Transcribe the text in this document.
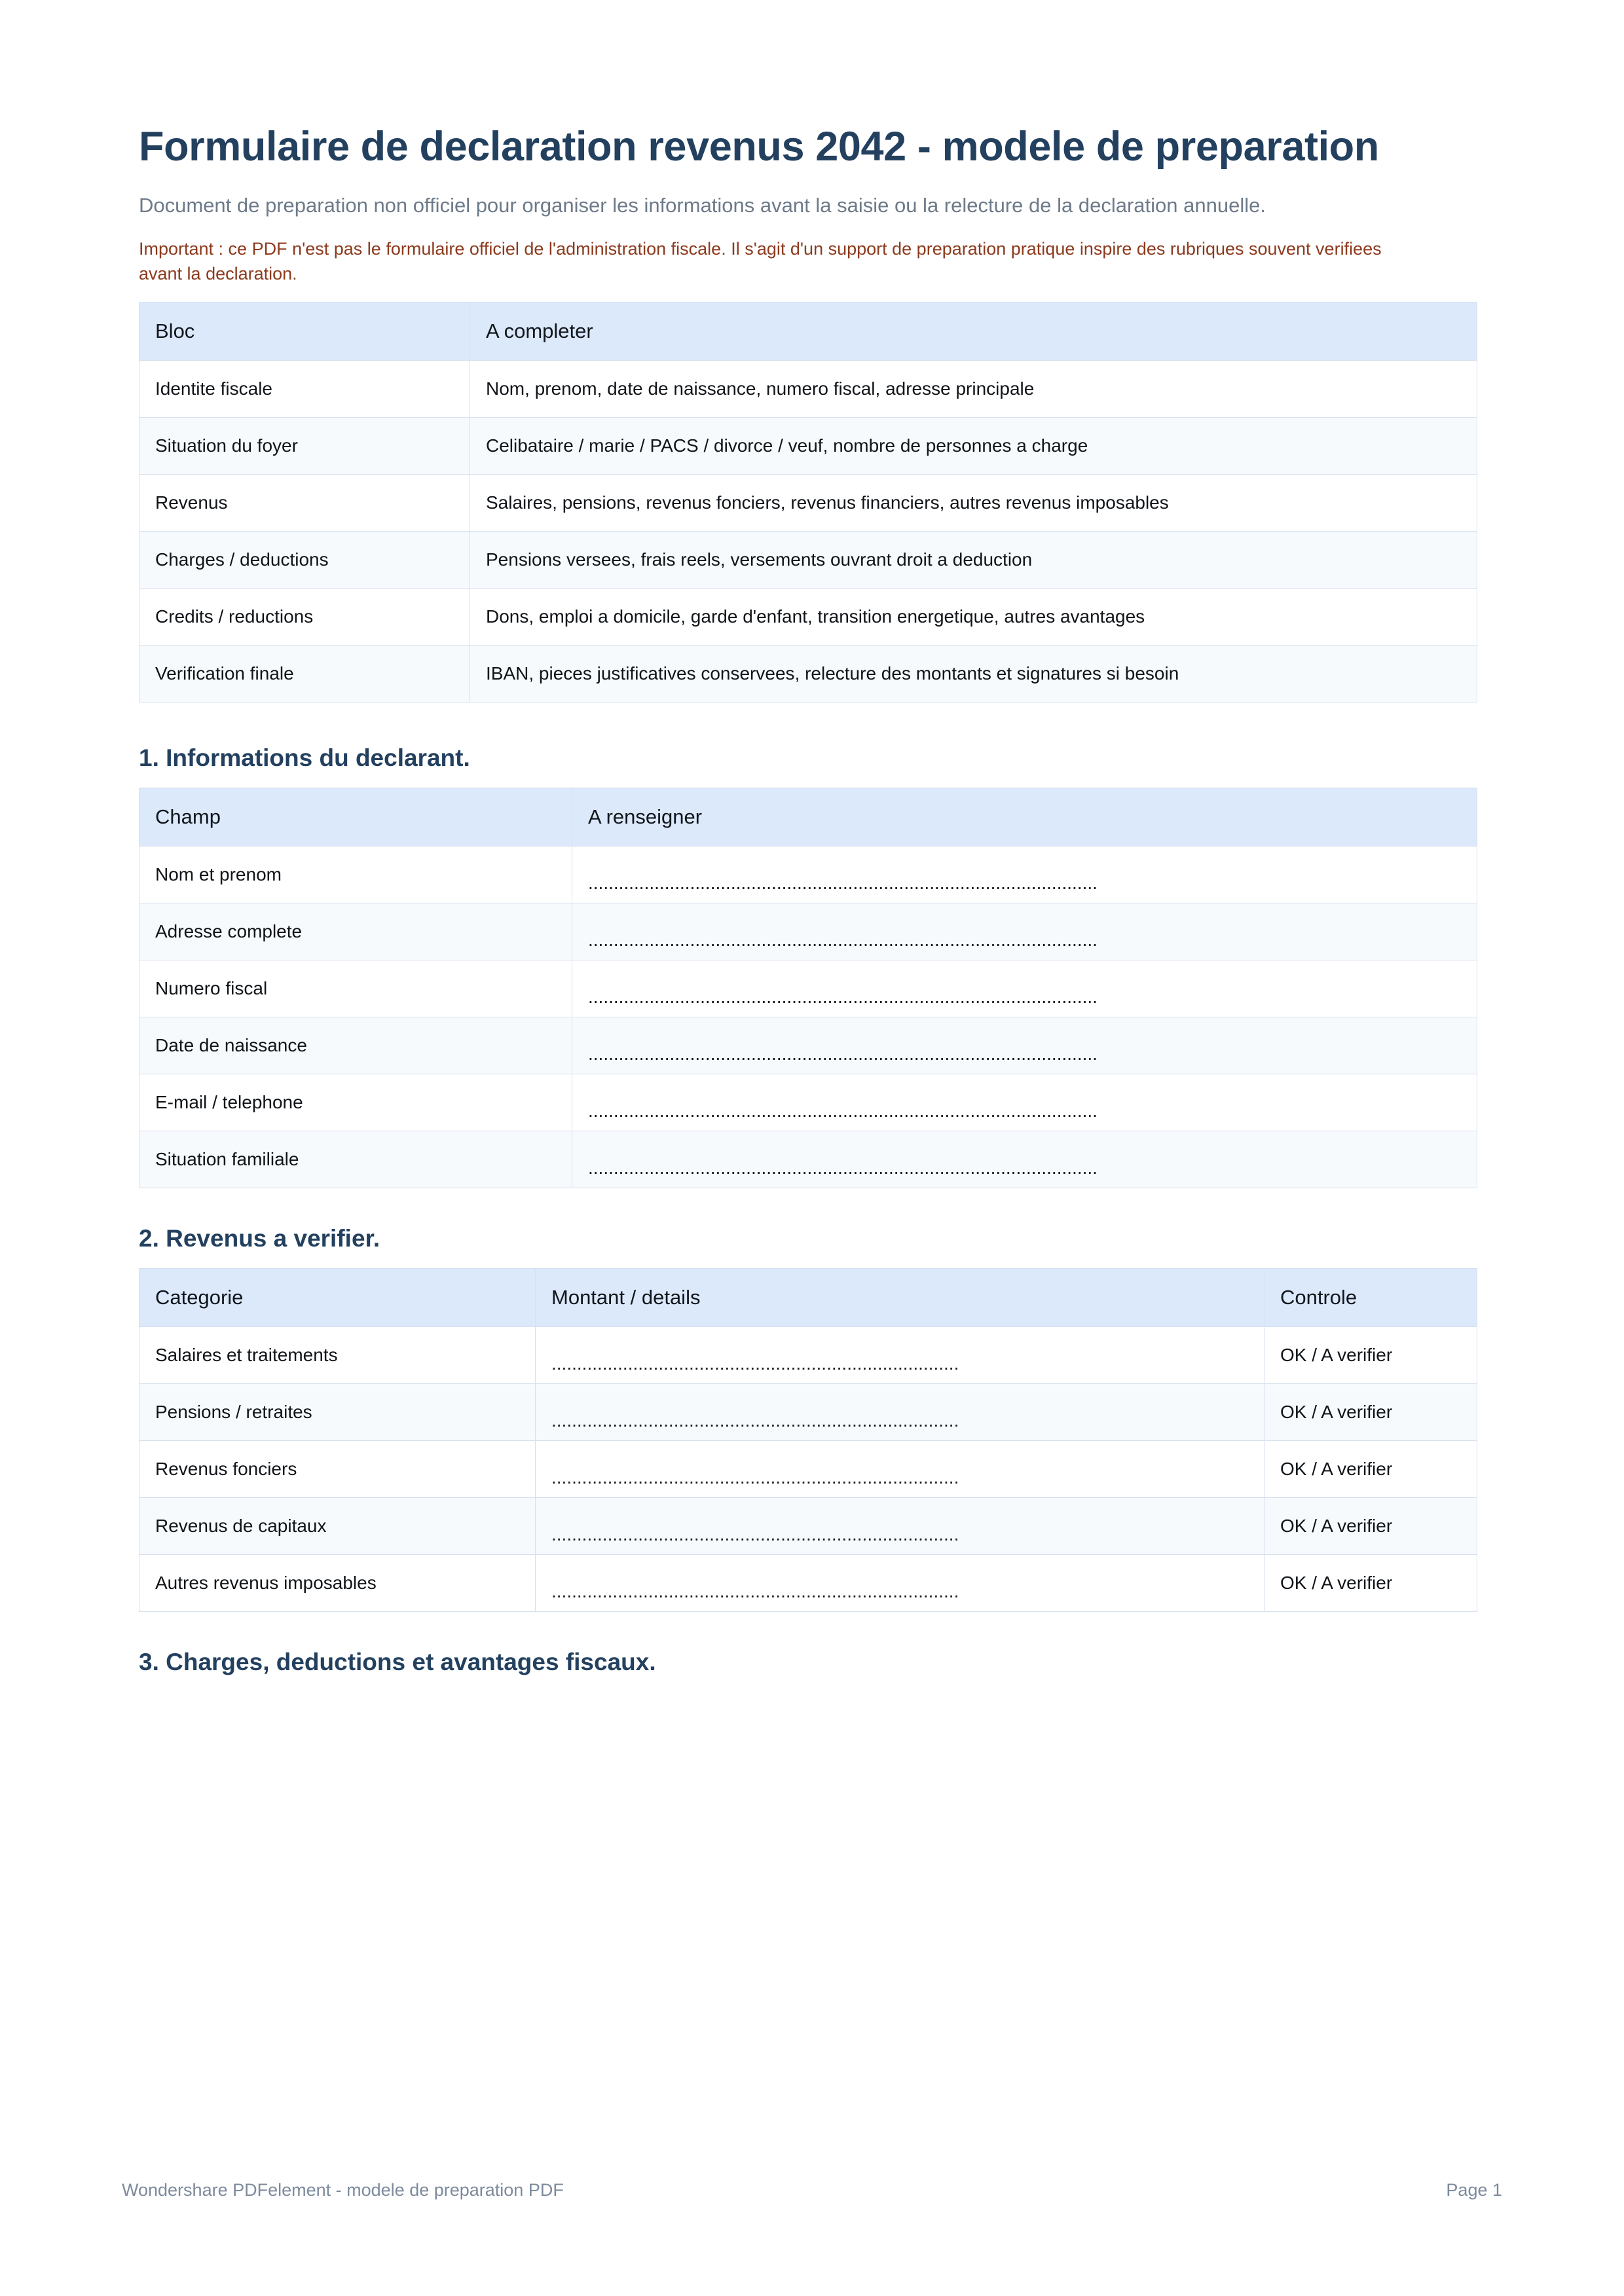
Formulaire de declaration revenus 2042 - modele de preparation

Document de preparation non officiel pour organiser les informations avant la saisie ou la relecture de la declaration annuelle.

Important : ce PDF n'est pas le formulaire officiel de l'administration fiscale. Il s'agit d'un support de preparation pratique inspire des rubriques souvent verifiees avant la declaration.

Bloc	A completer
Identite fiscale	Nom, prenom, date de naissance, numero fiscal, adresse principale
Situation du foyer	Celibataire / marie / PACS / divorce / veuf, nombre de personnes a charge
Revenus	Salaires, pensions, revenus fonciers, revenus financiers, autres revenus imposables
Charges / deductions	Pensions versees, frais reels, versements ouvrant droit a deduction
Credits / reductions	Dons, emploi a domicile, garde d'enfant, transition energetique, autres avantages
Verification finale	IBAN, pieces justificatives conservees, relecture des montants et signatures si besoin
1. Informations du declarant.
Champ	A renseigner
Nom et prenom	....................................................................................................

Adresse complete	....................................................................................................

Numero fiscal	....................................................................................................

Date de naissance	....................................................................................................

E-mail / telephone	....................................................................................................

Situation familiale	....................................................................................................
2. Revenus a verifier.
Categorie	Montant / details	Controle
Salaires et traitements	................................................................................	OK / A verifier
Pensions / retraites	................................................................................	OK / A verifier
Revenus fonciers	................................................................................	OK / A verifier
Revenus de capitaux	................................................................................	OK / A verifier
Autres revenus imposables	................................................................................	OK / A verifier
3. Charges, deductions et avantages fiscaux.
Wondershare PDFelement - modele de preparation PDF	Page 1
